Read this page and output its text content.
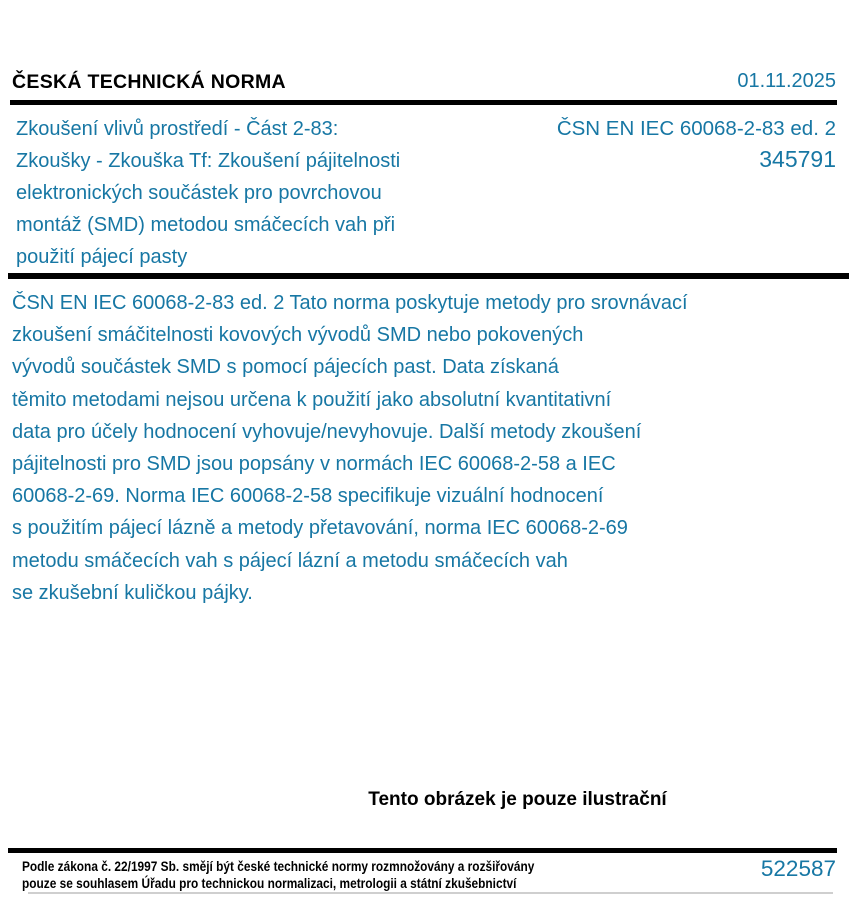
ČESKÁ TECHNICKÁ NORMA	01.11.2025
Zkoušení vlivů prostředí - Část 2-83:
Zkoušky - Zkouška Tf: Zkoušení pájitelnosti
elektronických součástek pro povrchovou
montáž (SMD) metodou smáčecích vah při
použití pájecí pasty
ČSN EN IEC 60068-2-83 ed. 2
345791
ČSN EN IEC 60068-2-83 ed. 2 Tato norma poskytuje metody pro srovnávací
zkoušení smáčitelnosti kovových vývodů SMD nebo pokovených
vývodů součástek SMD s pomocí pájecích past. Data získaná
těmito metodami nejsou určena k použití jako absolutní kvantitativní
data pro účely hodnocení vyhovuje/nevyhovuje. Další metody zkoušení
pájitelnosti pro SMD jsou popsány v normách IEC 60068-2-58 a IEC
60068-2-69. Norma IEC 60068-2-58 specifikuje vizuální hodnocení
s použitím pájecí lázně a metody přetavování, norma IEC 60068-2-69
metodu smáčecích vah s pájecí lázní a metodu smáčecích vah
se zkušební kuličkou pájky.
Tento obrázek je pouze ilustrační
Podle zákona č. 22/1997 Sb. smějí být české technické normy rozmnožovány a rozšiřovány
pouze se souhlasem Úřadu pro technickou normalizaci, metrologii a státní zkušebnictví
522587
